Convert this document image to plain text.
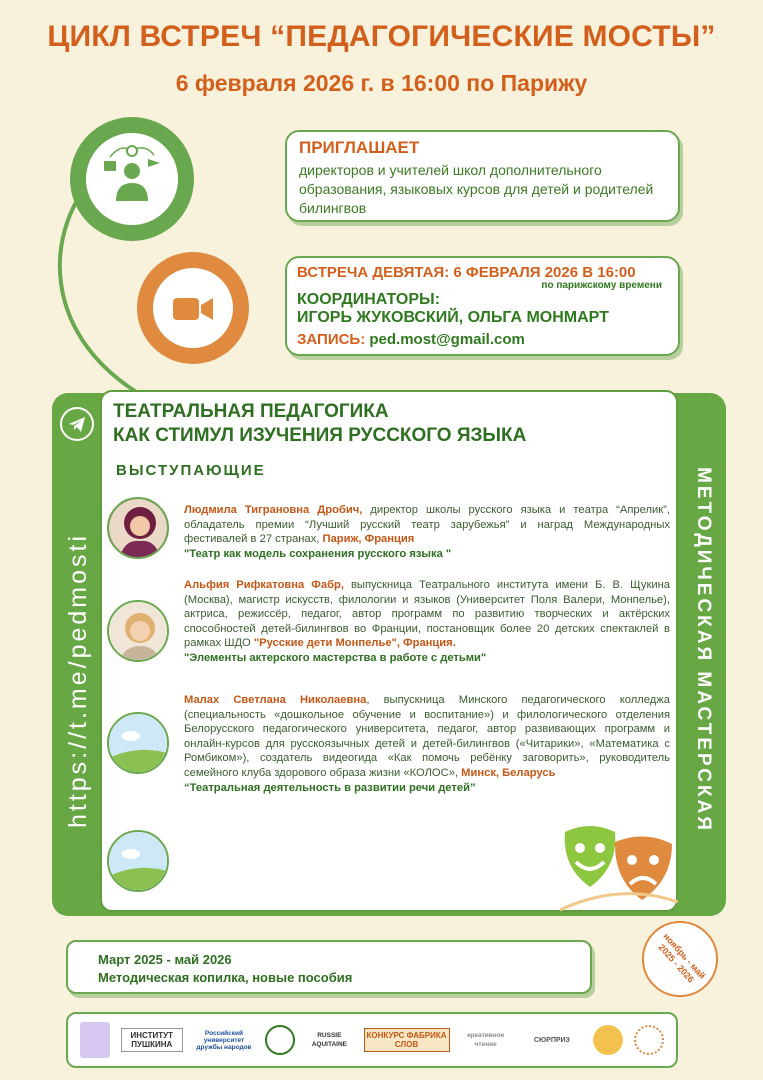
ЦИКЛ ВСТРЕЧ “ПЕДАГОГИЧЕСКИЕ МОСТЫ”
6 февраля 2026 г. в 16:00 по Парижу
ПРИГЛАШАЕТ
директоров и учителей школ дополнительного образования, языковых курсов для детей и родителей билингвов
ВСТРЕЧА ДЕВЯТАЯ: 6 ФЕВРАЛЯ 2026 В 16:00
по парижскому времени
КООРДИНАТОРЫ:
ИГОРЬ ЖУКОВСКИЙ, ОЛЬГА МОНМАРТ
ЗАПИСЬ: ped.most@gmail.com
https://t.me/pedmosti	МЕТОДИЧЕСКАЯ МАСТЕРСКАЯ
ТЕАТРАЛЬНАЯ ПЕДАГОГИКА
КАК СТИМУЛ ИЗУЧЕНИЯ РУССКОГО ЯЗЫКА
ВЫСТУПАЮЩИЕ
Людмила Тиграновна Дробич, директор школы русского языка и театра “Апрелик”, обладатель премии “Лучший русский театр зарубежья” и наград Международных фестивалей в 27 странах, Париж, Франция
"Театр как модель сохранения русского языка "
Альфия Рифкатовна Фабр, выпускница Театрального института имени Б. В. Щукина (Москва), магистр искусств, филологии и языков (Университет Поля Валери, Монпелье), актриса, режиссёр, педагог, автор программ по развитию творческих и актёрских способностей детей-билингвов во Франции, постановщик более 20 детских спектаклей в рамках ШДО "Русские дети Монпелье", Франция.
"Элементы актерского мастерства в работе с детьми"
Малах Светлана Николаевна, выпускница Минского педагогического колледжа (специальность «дошкольное обучение и воспитание») и филологического отделения Белорусского педагогического университета, педагог, автор развивающих программ и онлайн-курсов для русскоязычных детей и детей-билингвов («Читарики», «Математика с Ромбиком»), создатель видеогида «Как помочь ребёнку заговорить», руководитель семейного клуба здорового образа жизни «КОЛОС», Минск, Беларусь
“Театральная деятельность в развитии речи детей”
ноябрь - май 2025 - 2026
Март 2025 - май 2026
Методическая копилка, новые пособия
ИНСТИТУТ ПУШКИНА
Российский университет дружбы народов
RUSSIE AQUITAINE
КОНКУРС ФАБРИКА СЛОВ
креативное чтение
СЮРПРИЗ
